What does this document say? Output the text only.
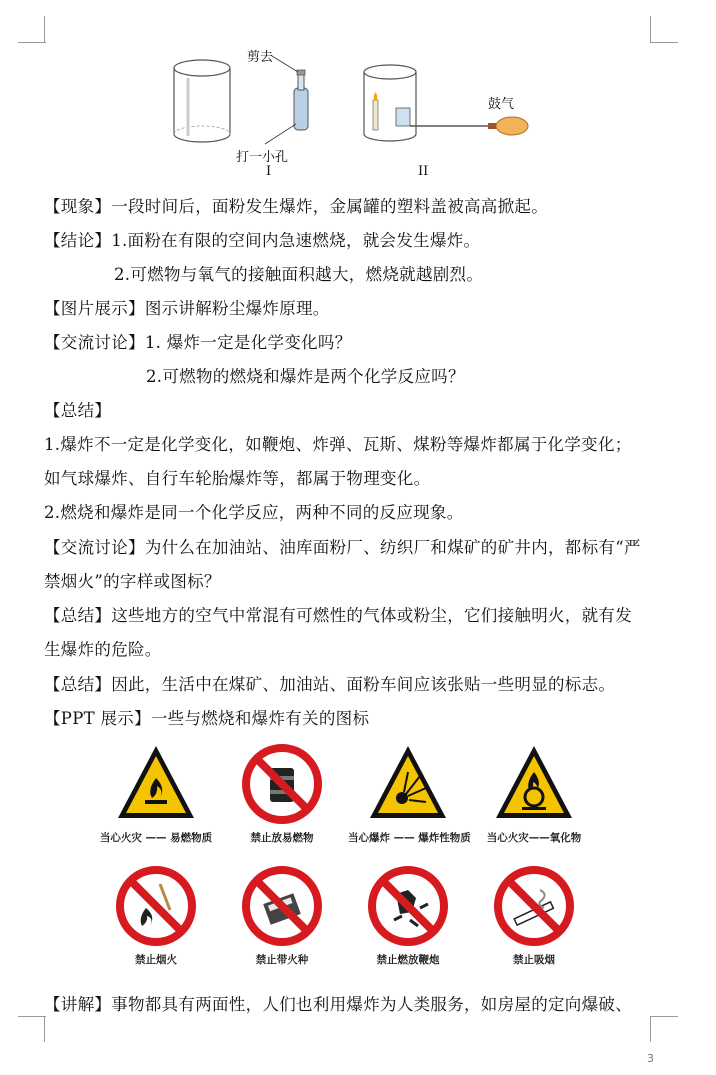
剪去
打一小孔
鼓气
I	II
【现象】一段时间后，面粉发生爆炸，金属罐的塑料盖被高高掀起。
【结论】1.面粉在有限的空间内急速燃烧，就会发生爆炸。
2.可燃物与氧气的接触面积越大，燃烧就越剧烈。
【图片展示】图示讲解粉尘爆炸原理。
【交流讨论】1. 爆炸一定是化学变化吗？
2.可燃物的燃烧和爆炸是两个化学反应吗？
【总结】
1.爆炸不一定是化学变化，如鞭炮、炸弹、瓦斯、煤粉等爆炸都属于化学变化；
如气球爆炸、自行车轮胎爆炸等，都属于物理变化。
2.燃烧和爆炸是同一个化学反应，两种不同的反应现象。
【交流讨论】为什么在加油站、油库面粉厂、纺织厂和煤矿的矿井内，都标有“严
禁烟火”的字样或图标？
【总结】这些地方的空气中常混有可燃性的气体或粉尘，它们接触明火，就有发
生爆炸的危险。
【总结】因此，生活中在煤矿、加油站、面粉车间应该张贴一些明显的标志。
【PPT 展示】一些与燃烧和爆炸有关的图标
当心火灾 —— 易燃物质	禁止放易燃物	当心爆炸 —— 爆炸性物质	当心火灾——氧化物
禁止烟火	禁止带火种	禁止燃放鞭炮	禁止吸烟
【讲解】事物都具有两面性，人们也利用爆炸为人类服务，如房屋的定向爆破、
3
